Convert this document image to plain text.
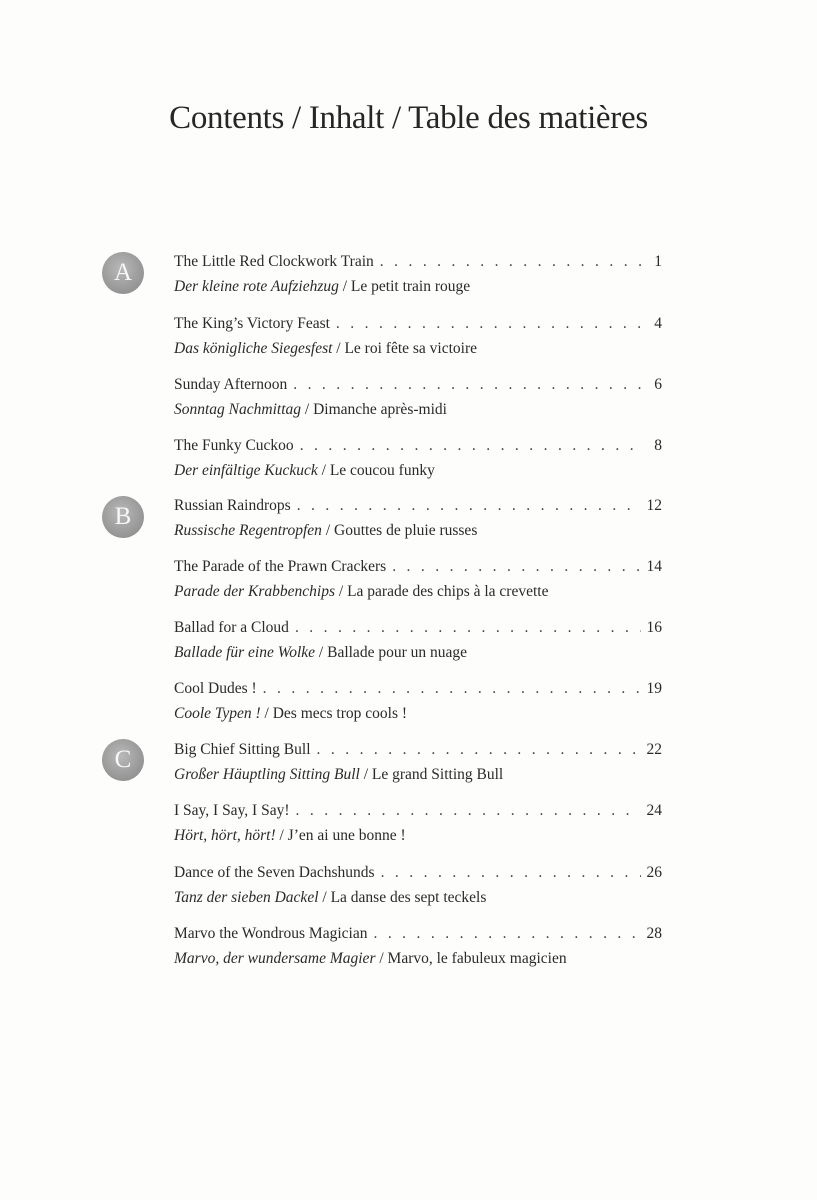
Contents / Inhalt / Table des matières
A
B
C
The Little Red Clockwork Train . . .	1
Der kleine rote Aufziehzug / Le petit train rouge
The King’s Victory Feast . . .	4
Das königliche Siegesfest / Le roi fête sa victoire
Sunday Afternoon . . .	6
Sonntag Nachmittag / Dimanche après-midi
The Funky Cuckoo . . .	8
Der einfältige Kuckuck / Le coucou funky
Russian Raindrops . . .	12
Russische Regentropfen / Gouttes de pluie russes
The Parade of the Prawn Crackers . . .	14
Parade der Krabbenchips / La parade des chips à la crevette
Ballad for a Cloud . . .	16
Ballade für eine Wolke / Ballade pour un nuage
Cool Dudes ! . . .	19
Coole Typen ! / Des mecs trop cools !
Big Chief Sitting Bull . . .	22
Großer Häuptling Sitting Bull / Le grand Sitting Bull
I Say, I Say, I Say! . . .	24
Hört, hört, hört! / J’en ai une bonne !
Dance of the Seven Dachshunds . . .	26
Tanz der sieben Dackel / La danse des sept teckels
Marvo the Wondrous Magician . . .	28
Marvo, der wundersame Magier / Marvo, le fabuleux magicien
